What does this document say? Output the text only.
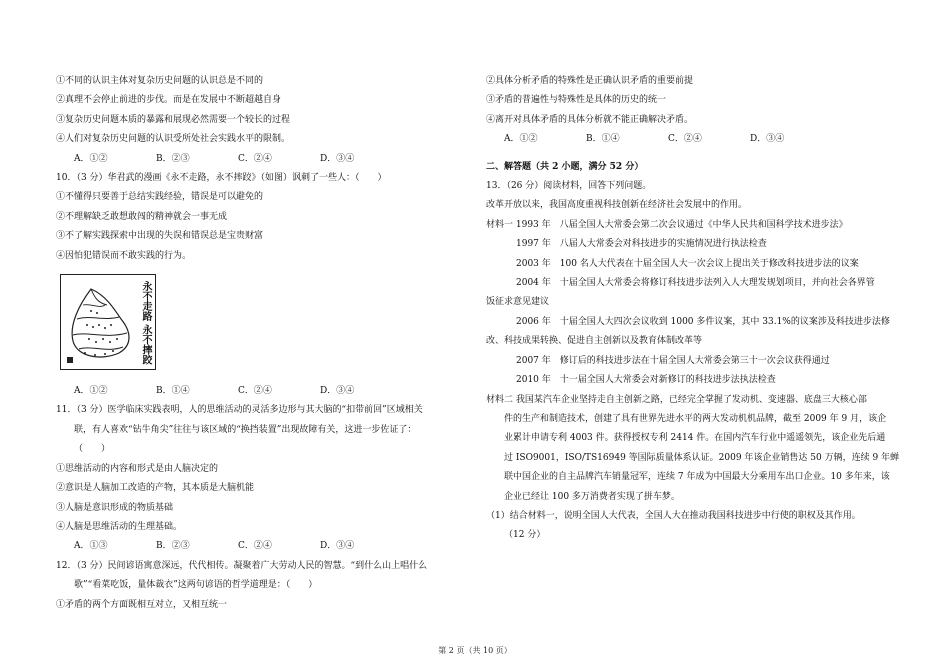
①不同的认识主体对复杂历史问题的认识总是不同的
②真理不会停止前进的步伐。而是在发展中不断超越自身
③复杂历史问题本质的暴露和展现必然需要一个较长的过程
④人们对复杂历史问题的认识受所处社会实践水平的限制。
A．①②	B．②③	C．②④	D．③④
10．（3 分）华君武的漫画《永不走路，永不摔跤》（如图）讽刺了一些人：（　　）
①不懂得只要善于总结实践经验，错误是可以避免的
②不理解缺乏敢想敢闯的精神就会一事无成
③不了解实践探索中出现的失误和错误总是宝贵财富
④因怕犯错误而不敢实践的行为。
永不走路 永不摔跤
A．①②	B．①④	C．②④	D．③④
11．（3 分）医学临床实践表明，人的思维活动的灵活多边形与其大脑的“扣带前回”区域相关
联，有人喜欢“钻牛角尖”往往与该区域的“换挡装置”出现故障有关，这进一步佐证了：
（　　）
①思维活动的内容和形式是由人脑决定的
②意识是人脑加工改造的产物，其本质是大脑机能
③人脑是意识形成的物质基础
④人脑是思维活动的生理基础。
A．①③	B．②③	C．②④	D．③④
12．（3 分）民间谚语寓意深远，代代相传。凝聚着广大劳动人民的智慧。“到什么山上唱什么
歌”“看菜吃饭，量体裁衣”这两句谚语的哲学道理是：（　　）
①矛盾的两个方面既相互对立，又相互统一
②具体分析矛盾的特殊性是正确认识矛盾的重要前提
③矛盾的普遍性与特殊性是具体的历史的统一
④离开对具体矛盾的具体分析就不能正确解决矛盾。
A．①②	B．①④	C．②④	D．③④
二、解答题（共 2 小题，满分 52 分）
13．（26 分）阅读材料，回答下列问题。
改革开放以来，我国高度重视科技创新在经济社会发展中的作用。
材料一 1993 年　八届全国人大常委会第二次会议通过《中华人民共和国科学技术进步法》
1997 年　八届人大常委会对科技进步的实施情况进行执法检查
2003 年　100 名人大代表在十届全国人大一次会议上提出关于修改科技进步法的议案
2004 年　十届全国人大常委会将修订科技进步法列入人大理发规划项目，并向社会各界管
饭征求意见建议
2006 年　十届全国人大四次会议收到 1000 多件议案，其中 33.1%的议案涉及科技进步法修
改、科技成果转换、促进自主创新以及教育体制改革等
2007 年　修订后的科技进步法在十届全国人大常委会第三十一次会议获得通过
2010 年　十一届全国人大常委会对新修订的科技进步法执法检查
材料二 我国某汽车企业坚持走自主创新之路，已经完全掌握了发动机、变速器、底盘三大核心部
件的生产和制造技术，创建了具有世界先进水平的两大发动机机品牌，截至 2009 年 9 月，该企
业累计申请专利 4003 件。获得授权专利 2414 件。在国内汽车行业中遥遥领先，该企业先后通
过 ISO9001，ISO/TS16949 等国际质量体系认证。2009 年该企业销售达 50 万辆，连续 9 年蝉
联中国企业的自主品牌汽车销量冠军，连续 7 年成为中国最大分乘用车出口企业。10 多年来，该
企业已经让 100 多万消费者实现了拼车梦。
（1）结合材料一，说明全国人大代表，全国人大在推动我国科技进步中行使的职权及其作用。
（12 分）
第 2 页（共 10 页）
